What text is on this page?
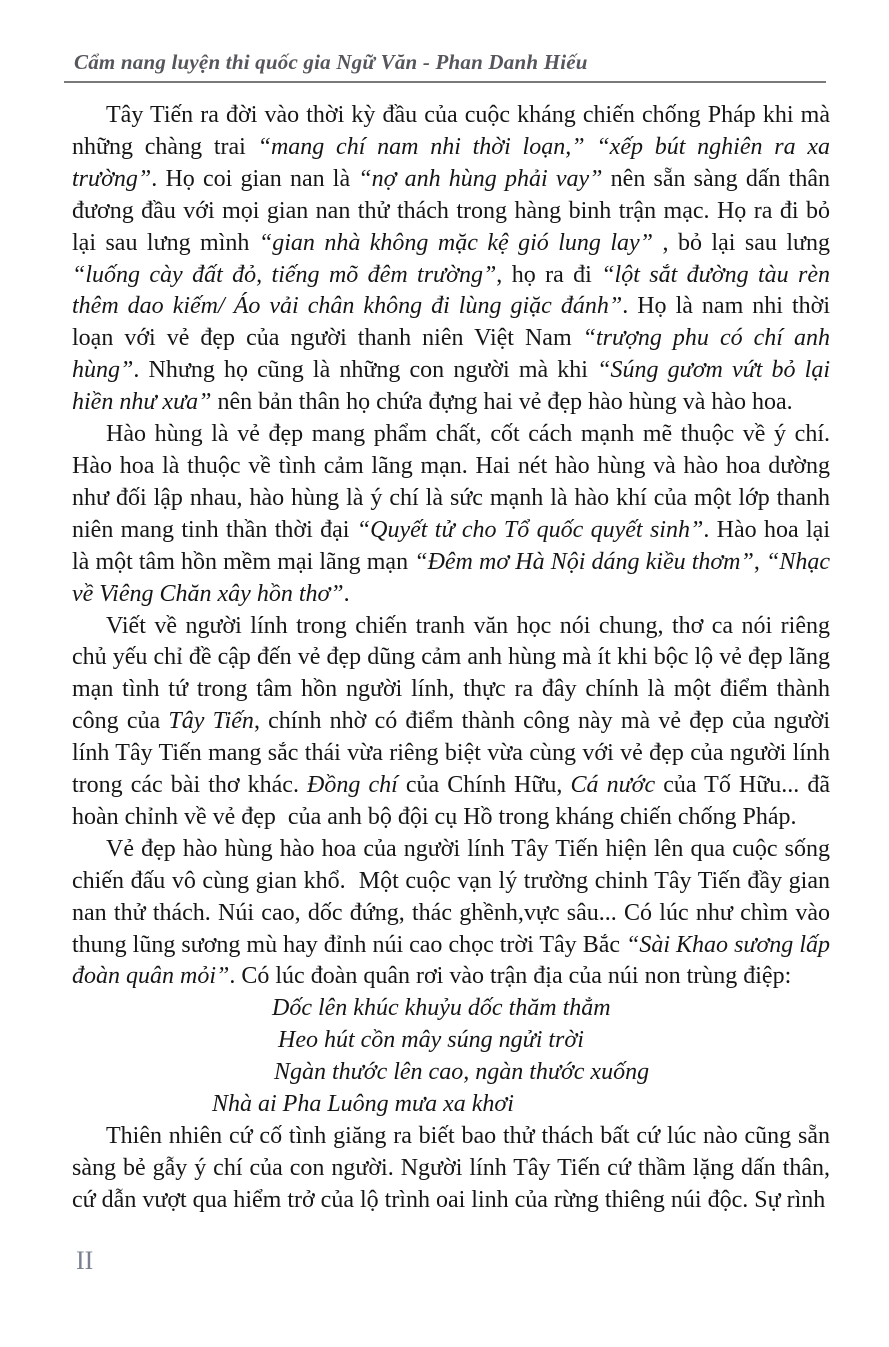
Cẩm nang luyện thi quốc gia Ngữ Văn - Phan Danh Hiếu

Tây Tiến ra đời vào thời kỳ đầu của cuộc kháng chiến chống Pháp khi mà những chàng trai “mang chí nam nhi thời loạn,” “xếp bút nghiên ra xa trường”. Họ coi gian nan là “nợ anh hùng phải vay” nên sẵn sàng dấn thân đương đầu với mọi gian nan thử thách trong hàng binh trận mạc. Họ ra đi bỏ lại sau lưng mình “gian nhà không mặc kệ gió lung lay” , bỏ lại sau lưng “luống cày đất đỏ, tiếng mõ đêm trường”, họ ra đi “lột sắt đường tàu rèn thêm dao kiếm/ Áo vải chân không đi lùng giặc đánh”. Họ là nam nhi thời loạn với vẻ đẹp của người thanh niên Việt Nam “trượng phu có chí anh hùng”. Nhưng họ cũng là những con người mà khi “Súng gươm vứt bỏ lại hiền như xưa” nên bản thân họ chứa đựng hai vẻ đẹp hào hùng và hào hoa.

Hào hùng là vẻ đẹp mang phẩm chất, cốt cách mạnh mẽ thuộc về ý chí. Hào hoa là thuộc về tình cảm lãng mạn. Hai nét hào hùng và hào hoa dường như đối lập nhau, hào hùng là ý chí là sức mạnh là hào khí của một lớp thanh niên mang tinh thần thời đại “Quyết tử cho Tổ quốc quyết sinh”. Hào hoa lại là một tâm hồn mềm mại lãng mạn “Đêm mơ Hà Nội dáng kiều thơm”, “Nhạc về Viêng Chăn xây hồn thơ”.

Viết về người lính trong chiến tranh văn học nói chung, thơ ca nói riêng chủ yếu chỉ đề cập đến vẻ đẹp dũng cảm anh hùng mà ít khi bộc lộ vẻ đẹp lãng mạn tình tứ trong tâm hồn người lính, thực ra đây chính là một điểm thành công của Tây Tiến, chính nhờ có điểm thành công này mà vẻ đẹp của người lính Tây Tiến mang sắc thái vừa riêng biệt vừa cùng với vẻ đẹp của người lính trong các bài thơ khác. Đồng chí của Chính Hữu, Cá nước của Tố Hữu... đã hoàn chỉnh về vẻ đẹp  của anh bộ đội cụ Hồ trong kháng chiến chống Pháp.

Vẻ đẹp hào hùng hào hoa của người lính Tây Tiến hiện lên qua cuộc sống chiến đấu vô cùng gian khổ.  Một cuộc vạn lý trường chinh Tây Tiến đầy gian nan thử thách. Núi cao, dốc đứng, thác ghềnh,vực sâu... Có lúc như chìm vào thung lũng sương mù hay đỉnh núi cao chọc trời Tây Bắc “Sài Khao sương lấp đoàn quân mỏi”. Có lúc đoàn quân rơi vào trận địa của núi non trùng điệp:

Dốc lên khúc khuỷu dốc thăm thẳm
Heo hút cồn mây súng ngửi trời
Ngàn thước lên cao, ngàn thước xuống
Nhà ai Pha Luông mưa xa khơi

Thiên nhiên cứ cố tình giăng ra biết bao thử thách bất cứ lúc nào cũng sẵn sàng bẻ gẫy ý chí của con người. Người lính Tây Tiến cứ thầm lặng dấn thân, cứ dẫn vượt qua hiểm trở của lộ trình oai linh của rừng thiêng núi độc. Sự rình

II
